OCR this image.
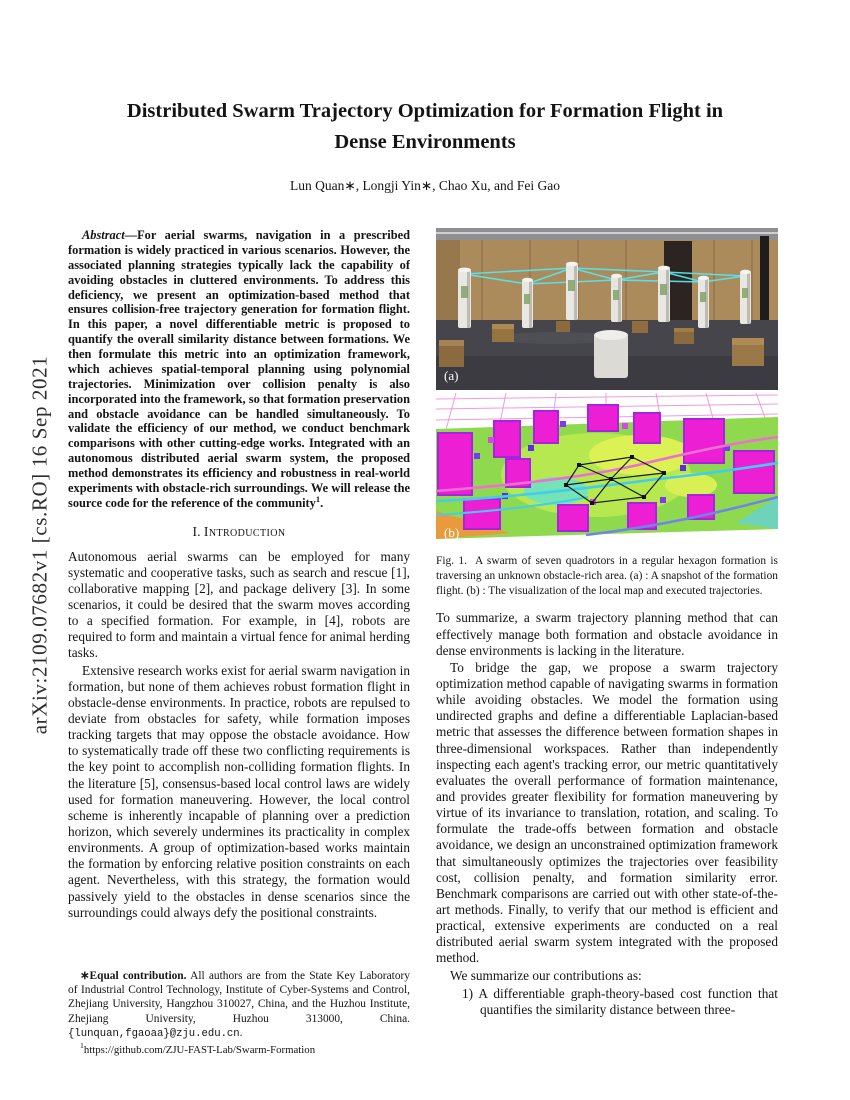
arXiv:2109.07682v1 [cs.RO] 16 Sep 2021
Distributed Swarm Trajectory Optimization for Formation Flight in
Dense Environments
Lun Quan∗, Longji Yin∗, Chao Xu, and Fei Gao

Abstract—For aerial swarms, navigation in a prescribed formation is widely practiced in various scenarios. However, the associated planning strategies typically lack the capability of avoiding obstacles in cluttered environments. To address this deficiency, we present an optimization-based method that ensures collision-free trajectory generation for formation flight. In this paper, a novel differentiable metric is proposed to quantify the overall similarity distance between formations. We then formulate this metric into an optimization framework, which achieves spatial-temporal planning using polynomial trajectories. Minimization over collision penalty is also incorporated into the framework, so that formation preservation and obstacle avoidance can be handled simultaneously. To validate the efficiency of our method, we conduct benchmark comparisons with other cutting-edge works. Integrated with an autonomous distributed aerial swarm system, the proposed method demonstrates its efficiency and robustness in real-world experiments with obstacle-rich surroundings. We will release the source code for the reference of the community$^1$.

I. Introduction

Autonomous aerial swarms can be employed for many systematic and cooperative tasks, such as search and rescue [1], collaborative mapping [2], and package delivery [3]. In some scenarios, it could be desired that the swarm moves according to a specified formation. For example, in [4], robots are required to form and maintain a virtual fence for animal herding tasks.

Extensive research works exist for aerial swarm navigation in formation, but none of them achieves robust formation flight in obstacle-dense environments. In practice, robots are repulsed to deviate from obstacles for safety, while formation imposes tracking targets that may oppose the obstacle avoidance. How to systematically trade off these two conflicting requirements is the key point to accomplish non-colliding formation flights. In the literature [5], consensus-based local control laws are widely used for formation maneuvering. However, the local control scheme is inherently incapable of planning over a prediction horizon, which severely undermines its practicality in complex environments. A group of optimization-based works maintain the formation by enforcing relative position constraints on each agent. Nevertheless, with this strategy, the formation would passively yield to the obstacles in dense scenarios since the surroundings could always defy the positional constraints.

∗Equal contribution. All authors are from the State Key Laboratory of Industrial Control Technology, Institute of Cyber-Systems and Control, Zhejiang University, Hangzhou 310027, China, and the Huzhou Institute, Zhejiang University, Huzhou 313000, China. {lunquan,fgaoaa}@zju.edu.cn.

$^1$https://github.com/ZJU-FAST-Lab/Swarm-Formation

(a)
(b)

Fig. 1. A swarm of seven quadrotors in a regular hexagon formation is traversing an unknown obstacle-rich area. (a) : A snapshot of the formation flight. (b) : The visualization of the local map and executed trajectories.

To summarize, a swarm trajectory planning method that can effectively manage both formation and obstacle avoidance in dense environments is lacking in the literature.

To bridge the gap, we propose a swarm trajectory optimization method capable of navigating swarms in formation while avoiding obstacles. We model the formation using undirected graphs and define a differentiable Laplacian-based metric that assesses the difference between formation shapes in three-dimensional workspaces. Rather than independently inspecting each agent's tracking error, our metric quantitatively evaluates the overall performance of formation maintenance, and provides greater flexibility for formation maneuvering by virtue of its invariance to translation, rotation, and scaling. To formulate the trade-offs between formation and obstacle avoidance, we design an unconstrained optimization framework that simultaneously optimizes the trajectories over feasibility cost, collision penalty, and formation similarity error. Benchmark comparisons are carried out with other state-of-the-art methods. Finally, to verify that our method is efficient and practical, extensive experiments are conducted on a real distributed aerial swarm system integrated with the proposed method.

We summarize our contributions as:

1) A differentiable graph-theory-based cost function that quantifies the similarity distance between three-
